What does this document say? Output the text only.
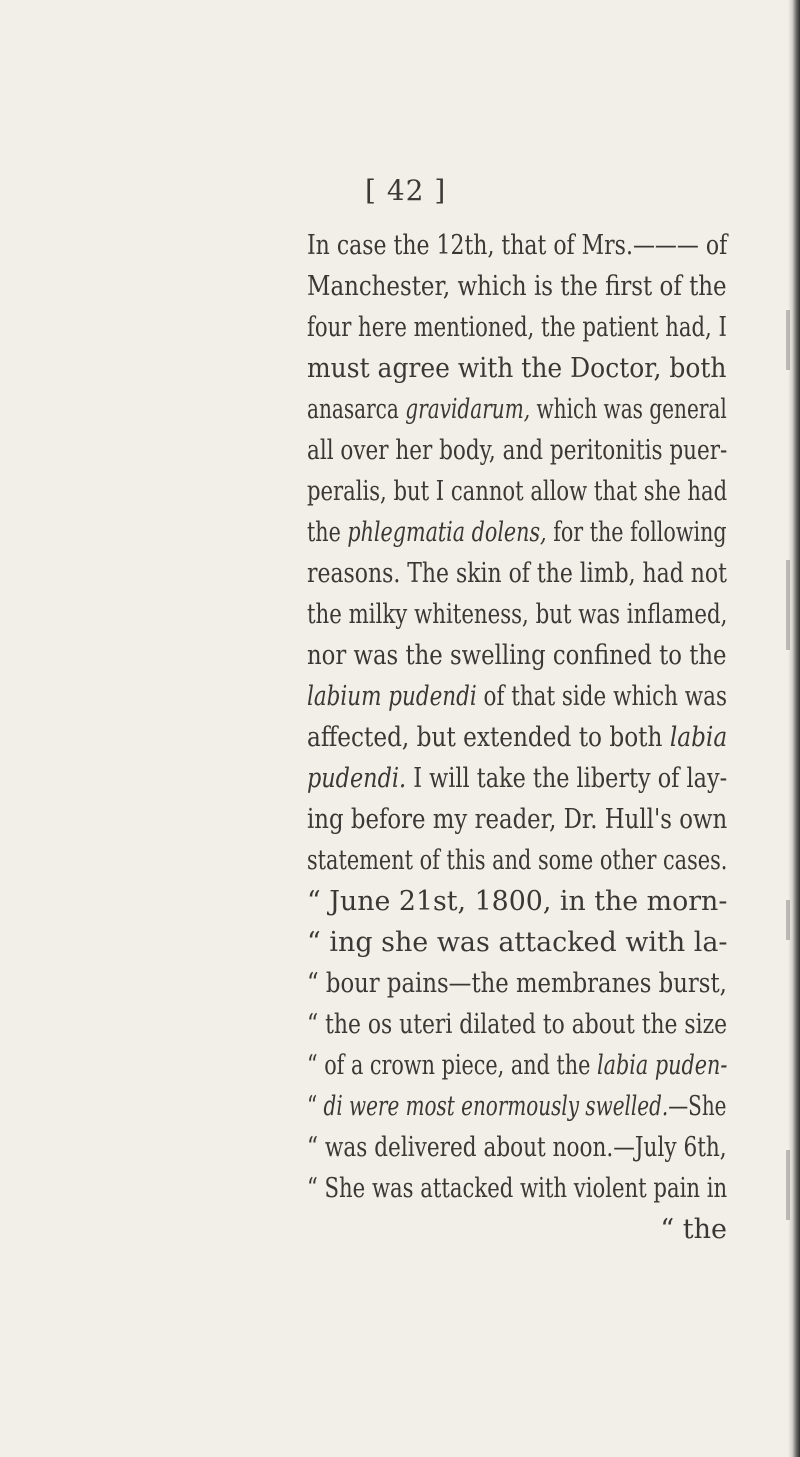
[ 42 ]
In case the 12th, that of Mrs.——— of
Manchester, which is the first of the
four here mentioned, the patient had, I
must agree with the Doctor, both
anasarca gravidarum, which was general
all over her body, and peritonitis puer-
peralis, but I cannot allow that she had
the phlegmatia dolens, for the following
reasons. The skin of the limb, had not
the milky whiteness, but was inflamed,
nor was the swelling confined to the
labium pudendi of that side which was
affected, but extended to both labia
pudendi. I will take the liberty of lay-
ing before my reader, Dr. Hull's own
statement of this and some other cases.
“ June 21st, 1800, in the morn-
“ ing she was attacked with la-
“ bour pains—the membranes burst,
“ the os uteri dilated to about the size
“ of a crown piece, and the labia puden-
“ di were most enormously swelled.—She
“ was delivered about noon.—July 6th,
“ She was attacked with violent pain in
“ the
